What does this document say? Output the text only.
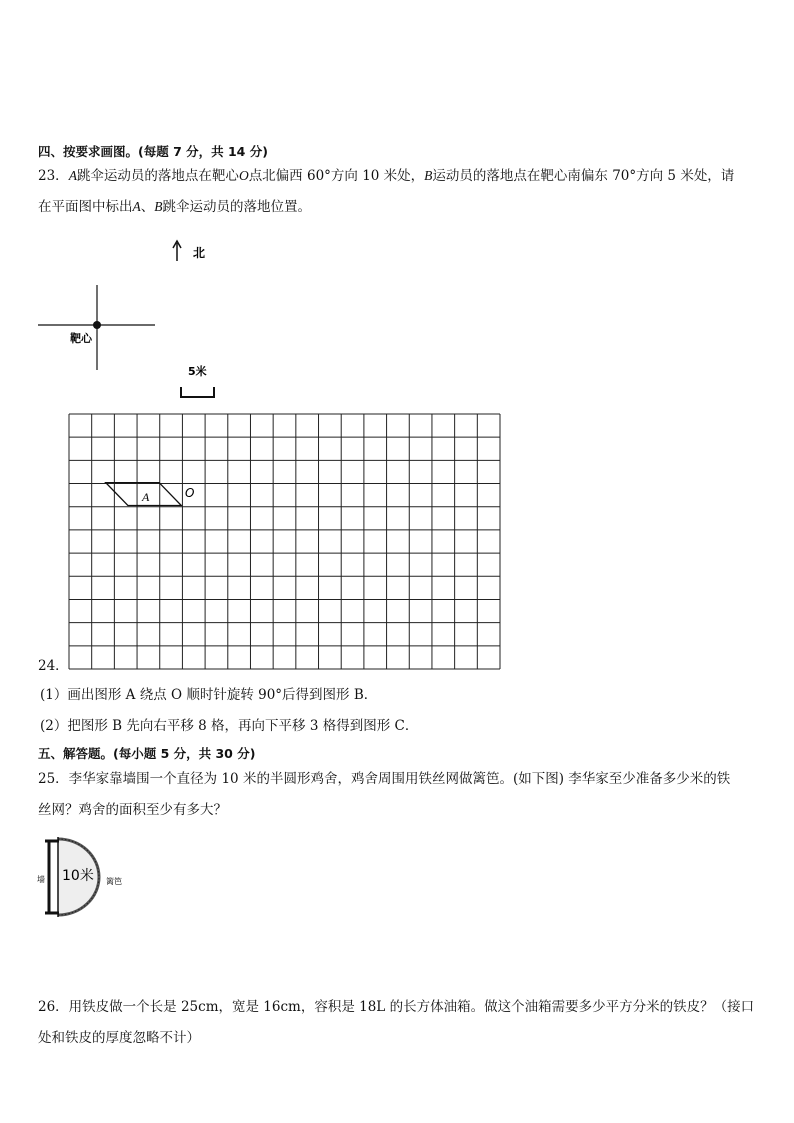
四、按要求画图。(每题 7 分，共 14 分)
23．A跳伞运动员的落地点在靶心O点北偏西 60°方向 10 米处，B运动员的落地点在靶心南偏东 70°方向 5 米处，请
在平面图中标出A、B跳伞运动员的落地位置。
北
靶心
5米
24．
A	O
(1）画出图形 A 绕点 O 顺时针旋转 90°后得到图形 B．
(2）把图形 B 先向右平移 8 格，再向下平移 3 格得到图形 C．
五、解答题。(每小题 5 分，共 30 分)
25．李华家靠墙围一个直径为 10 米的半圆形鸡舍，鸡舍周围用铁丝网做篱笆。(如下图) 李华家至少准备多少米的铁
丝网？鸡舍的面积至少有多大？
墙 10米 篱笆
26．用铁皮做一个长是 25cm，宽是 16cm，容积是 18L 的长方体油箱。做这个油箱需要多少平方分米的铁皮？（接口
处和铁皮的厚度忽略不计）
